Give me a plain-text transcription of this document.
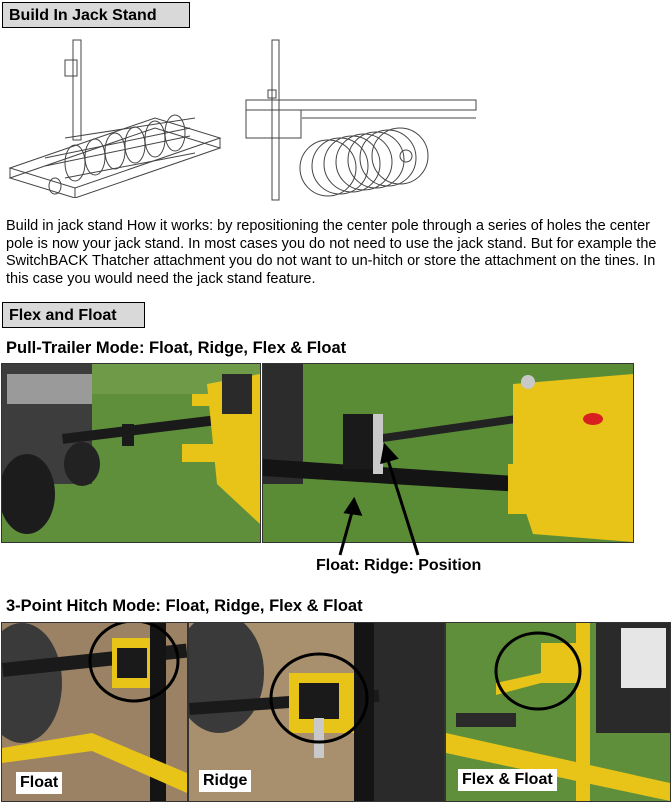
Build In Jack Stand
Build in jack stand How it works: by repositioning the center pole through a series of holes the center pole is now your jack stand. In most cases you do not need to use the jack stand. But for example the SwitchBACK Thatcher attachment you do not want to un-hitch or store the attachment on the tines. In this case you would need the jack stand feature.
Flex and Float
Pull-Trailer Mode: Float, Ridge, Flex & Float
Float: Ridge: Position
3-Point Hitch Mode: Float, Ridge, Flex & Float
Float	Ridge	Flex & Float
